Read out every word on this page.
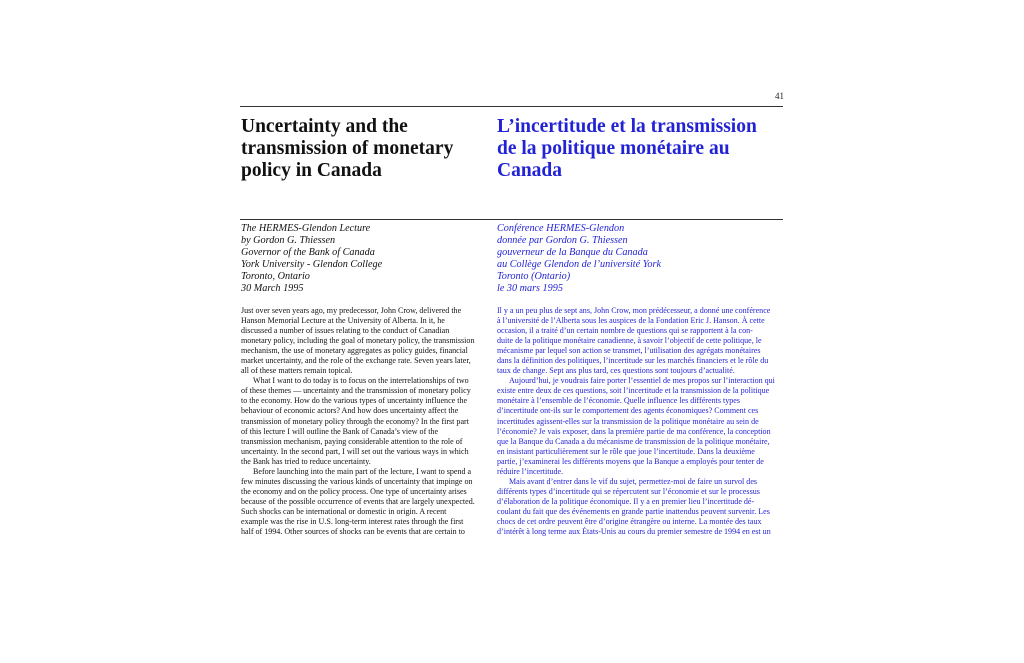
41
Uncertainty and the
transmission of monetary
policy in Canada
L’incertitude et la transmission
de la politique monétaire au
Canada
The HERMES-Glendon Lecture
by Gordon G. Thiessen
Governor of the Bank of Canada
York University - Glendon College
Toronto, Ontario
30 March 1995
Conférence HERMES-Glendon
donnée par Gordon G. Thiessen
gouverneur de la Banque du Canada
au Collège Glendon de l’université York
Toronto (Ontario)
le 30 mars 1995
Just over seven years ago, my predecessor, John Crow, delivered the
Hanson Memorial Lecture at the University of Alberta. In it, he
discussed a number of issues relating to the conduct of Canadian
monetary policy, including the goal of monetary policy, the transmission
mechanism, the use of monetary aggregates as policy guides, financial
market uncertainty, and the role of the exchange rate. Seven years later,
all of these matters remain topical.
What I want to do today is to focus on the interrelationships of two
of these themes — uncertainty and the transmission of monetary policy
to the economy. How do the various types of uncertainty influence the
behaviour of economic actors? And how does uncertainty affect the
transmission of monetary policy through the economy? In the first part
of this lecture I will outline the Bank of Canada’s view of the
transmission mechanism, paying considerable attention to the role of
uncertainty. In the second part, I will set out the various ways in which
the Bank has tried to reduce uncertainty.
Before launching into the main part of the lecture, I want to spend a
few minutes discussing the various kinds of uncertainty that impinge on
the economy and on the policy process. One type of uncertainty arises
because of the possible occurrence of events that are largely unexpected.
Such shocks can be international or domestic in origin. A recent
example was the rise in U.S. long-term interest rates through the first
half of 1994. Other sources of shocks can be events that are certain to
Il y a un peu plus de sept ans, John Crow, mon prédécesseur, a donné une conférence
à l’université de l’Alberta sous les auspices de la Fondation Eric J. Hanson. À cette
occasion, il a traité d’un certain nombre de questions qui se rapportent à la con-
duite de la politique monétaire canadienne, à savoir l’objectif de cette politique, le
mécanisme par lequel son action se transmet, l’utilisation des agrégats monétaires
dans la définition des politiques, l’incertitude sur les marchés financiers et le rôle du
taux de change. Sept ans plus tard, ces questions sont toujours d’actualité.
Aujourd’hui, je voudrais faire porter l’essentiel de mes propos sur l’interaction qui
existe entre deux de ces questions, soit l’incertitude et la transmission de la politique
monétaire à l’ensemble de l’économie. Quelle influence les différents types
d’incertitude ont-ils sur le comportement des agents économiques? Comment ces
incertitudes agissent-elles sur la transmission de la politique monétaire au sein de
l’économie? Je vais exposer, dans la première partie de ma conférence, la conception
que la Banque du Canada a du mécanisme de transmission de la politique monétaire,
en insistant particulièrement sur le rôle que joue l’incertitude. Dans la deuxième
partie, j’examinerai les différents moyens que la Banque a employés pour tenter de
réduire l’incertitude.
Mais avant d’entrer dans le vif du sujet, permettez-moi de faire un survol des
différents types d’incertitude qui se répercutent sur l’économie et sur le processus
d’élaboration de la politique économique. Il y a en premier lieu l’incertitude dé-
coulant du fait que des événements en grande partie inattendus peuvent survenir. Les
chocs de cet ordre peuvent être d’origine étrangère ou interne. La montée des taux
d’intérêt à long terme aux États-Unis au cours du premier semestre de 1994 en est un
